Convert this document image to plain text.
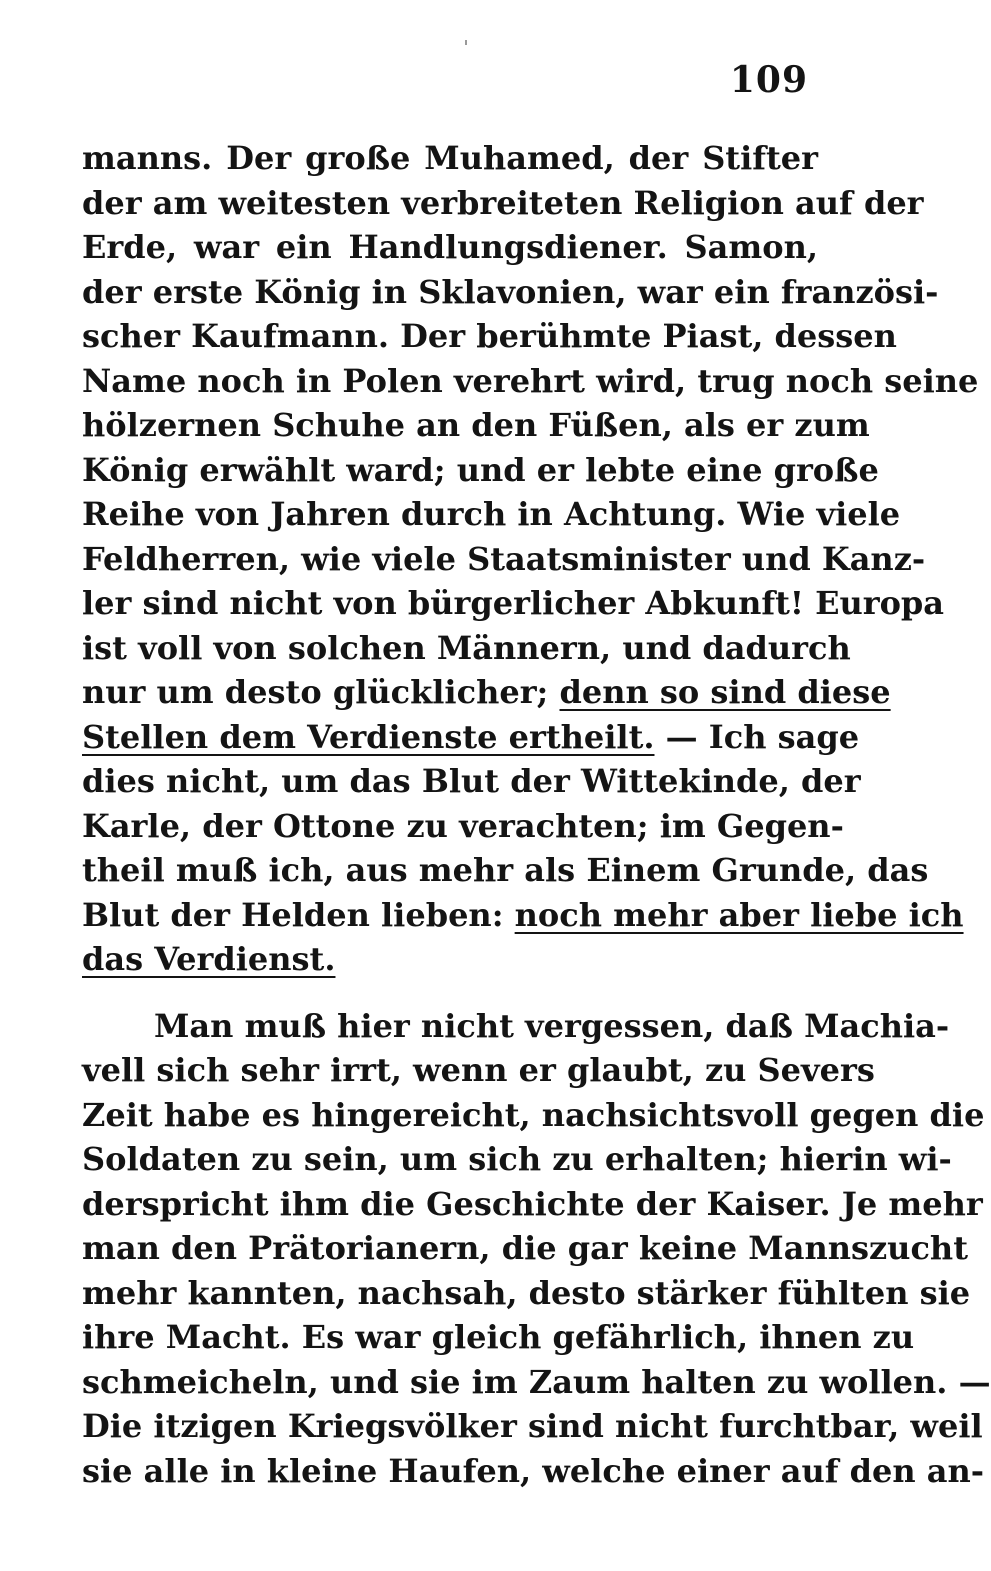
109
manns. Der große Muhamed, der Stifter
der am weitesten verbreiteten Religion auf der
Erde, war ein Handlungsdiener. Samon,
der erste König in Sklavonien, war ein französi-
scher Kaufmann. Der berühmte Piast, dessen
Name noch in Polen verehrt wird, trug noch seine
hölzernen Schuhe an den Füßen, als er zum
König erwählt ward; und er lebte eine große
Reihe von Jahren durch in Achtung. Wie viele
Feldherren, wie viele Staatsminister und Kanz-
ler sind nicht von bürgerlicher Abkunft! Europa
ist voll von solchen Männern, und dadurch
nur um desto glücklicher; denn so sind diese
Stellen dem Verdienste ertheilt. — Ich sage
dies nicht, um das Blut der Wittekinde, der
Karle, der Ottone zu verachten; im Gegen-
theil muß ich, aus mehr als Einem Grunde, das
Blut der Helden lieben: noch mehr aber liebe ich
das Verdienst.
Man muß hier nicht vergessen, daß Machia-
vell sich sehr irrt, wenn er glaubt, zu Severs
Zeit habe es hingereicht, nachsichtsvoll gegen die
Soldaten zu sein, um sich zu erhalten; hierin wi-
derspricht ihm die Geschichte der Kaiser. Je mehr
man den Prätorianern, die gar keine Mannszucht
mehr kannten, nachsah, desto stärker fühlten sie
ihre Macht. Es war gleich gefährlich, ihnen zu
schmeicheln, und sie im Zaum halten zu wollen. —
Die itzigen Kriegsvölker sind nicht furchtbar, weil
sie alle in kleine Haufen, welche einer auf den an-
